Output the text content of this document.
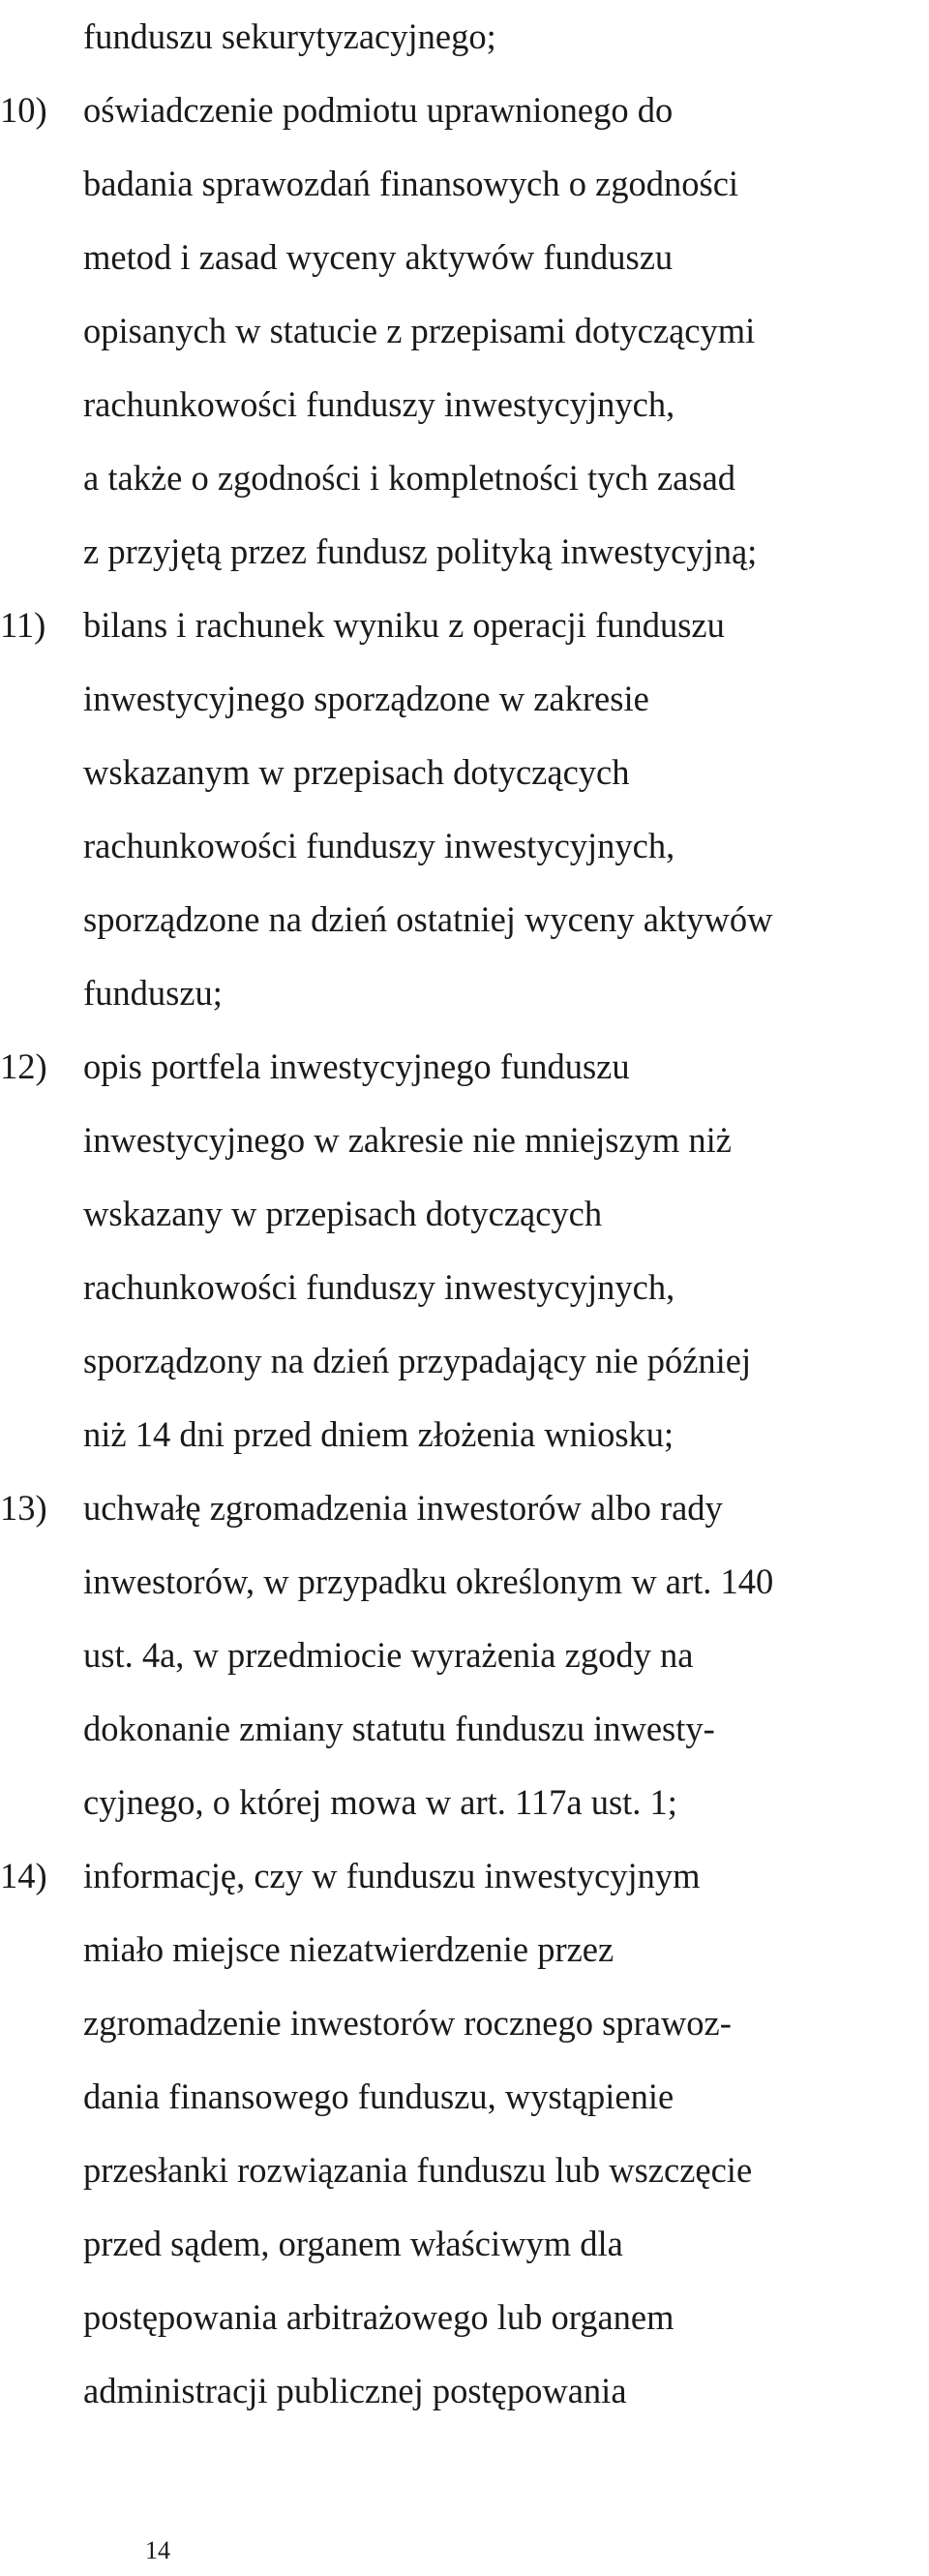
funduszu sekurytyzacyjnego;
10) oświadczenie podmiotu uprawnionego do
badania sprawozdań finansowych o zgodności
metod i zasad wyceny aktywów funduszu
opisanych w statucie z przepisami dotyczącymi
rachunkowości funduszy inwestycyjnych,
a także o zgodności i kompletności tych zasad
z przyjętą przez fundusz polityką inwestycyjną;
11) bilans i rachunek wyniku z operacji funduszu
inwestycyjnego sporządzone w zakresie
wskazanym w przepisach dotyczących
rachunkowości funduszy inwestycyjnych,
sporządzone na dzień ostatniej wyceny aktywów
funduszu;
12) opis portfela inwestycyjnego funduszu
inwestycyjnego w zakresie nie mniejszym niż
wskazany w przepisach dotyczących
rachunkowości funduszy inwestycyjnych,
sporządzony na dzień przypadający nie później
niż 14 dni przed dniem złożenia wniosku;
13) uchwałę zgromadzenia inwestorów albo rady
inwestorów, w przypadku określonym w art. 140
ust. 4a, w przedmiocie wyrażenia zgody na
dokonanie zmiany statutu funduszu inwesty-
cyjnego, o której mowa w art. 117a ust. 1;
14) informację, czy w funduszu inwestycyjnym
miało miejsce niezatwierdzenie przez
zgromadzenie inwestorów rocznego sprawoz-
dania finansowego funduszu, wystąpienie
przesłanki rozwiązania funduszu lub wszczęcie
przed sądem, organem właściwym dla
postępowania arbitrażowego lub organem
administracji publicznej postępowania
14
